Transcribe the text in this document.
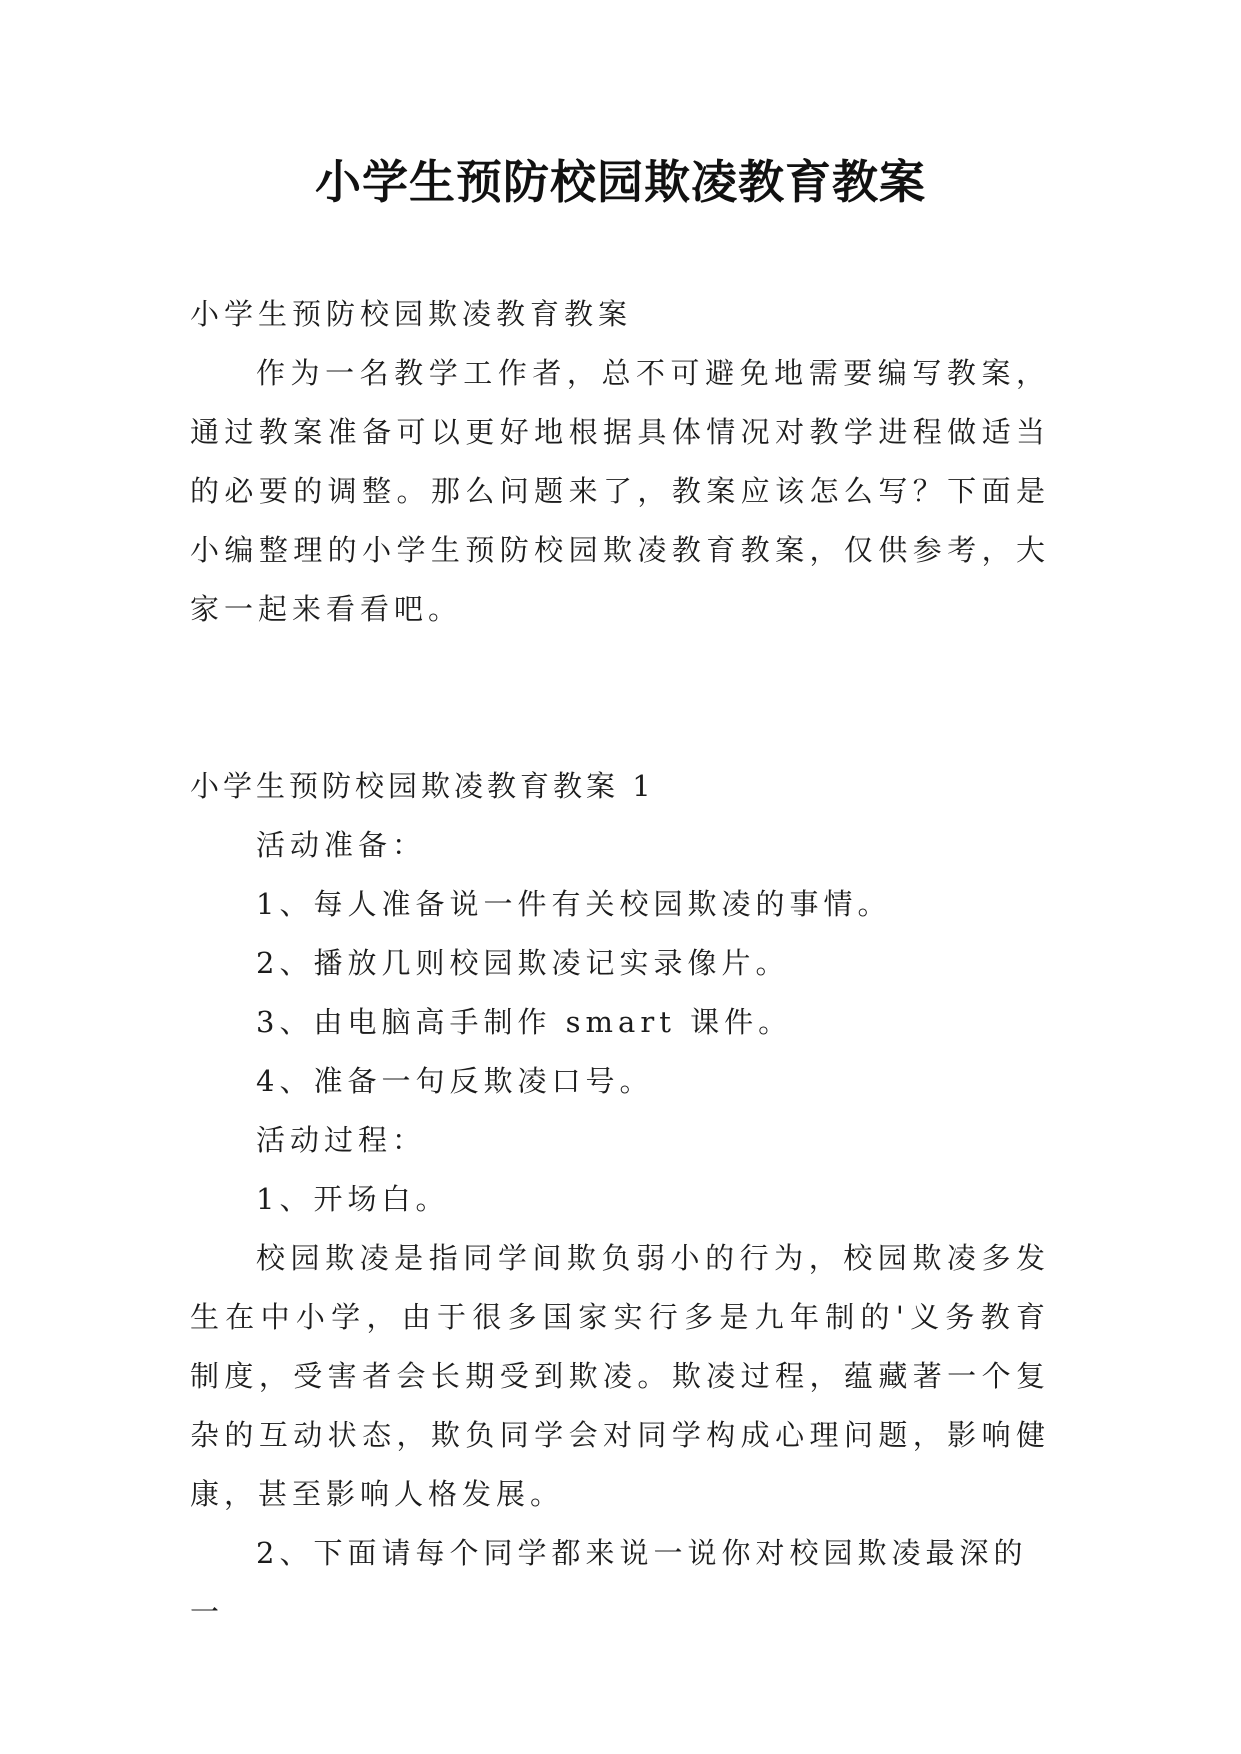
小学生预防校园欺凌教育教案

小学生预防校园欺凌教育教案

作为一名教学工作者，总不可避免地需要编写教案，通过教案准备可以更好地根据具体情况对教学进程做适当的必要的调整。那么问题来了，教案应该怎么写？下面是小编整理的小学生预防校园欺凌教育教案，仅供参考，大家一起来看看吧。

小学生预防校园欺凌教育教案 1

活动准备：

1、每人准备说一件有关校园欺凌的事情。

2、播放几则校园欺凌记实录像片。

3、由电脑高手制作 smart 课件。

4、准备一句反欺凌口号。

活动过程：

1、开场白。

校园欺凌是指同学间欺负弱小的行为，校园欺凌多发生在中小学，由于很多国家实行多是九年制的'义务教育制度，受害者会长期受到欺凌。欺凌过程，蕴藏著一个复杂的互动状态，欺负同学会对同学构成心理问题，影响健康，甚至影响人格发展。

2、下面请每个同学都来说一说你对校园欺凌最深的一
